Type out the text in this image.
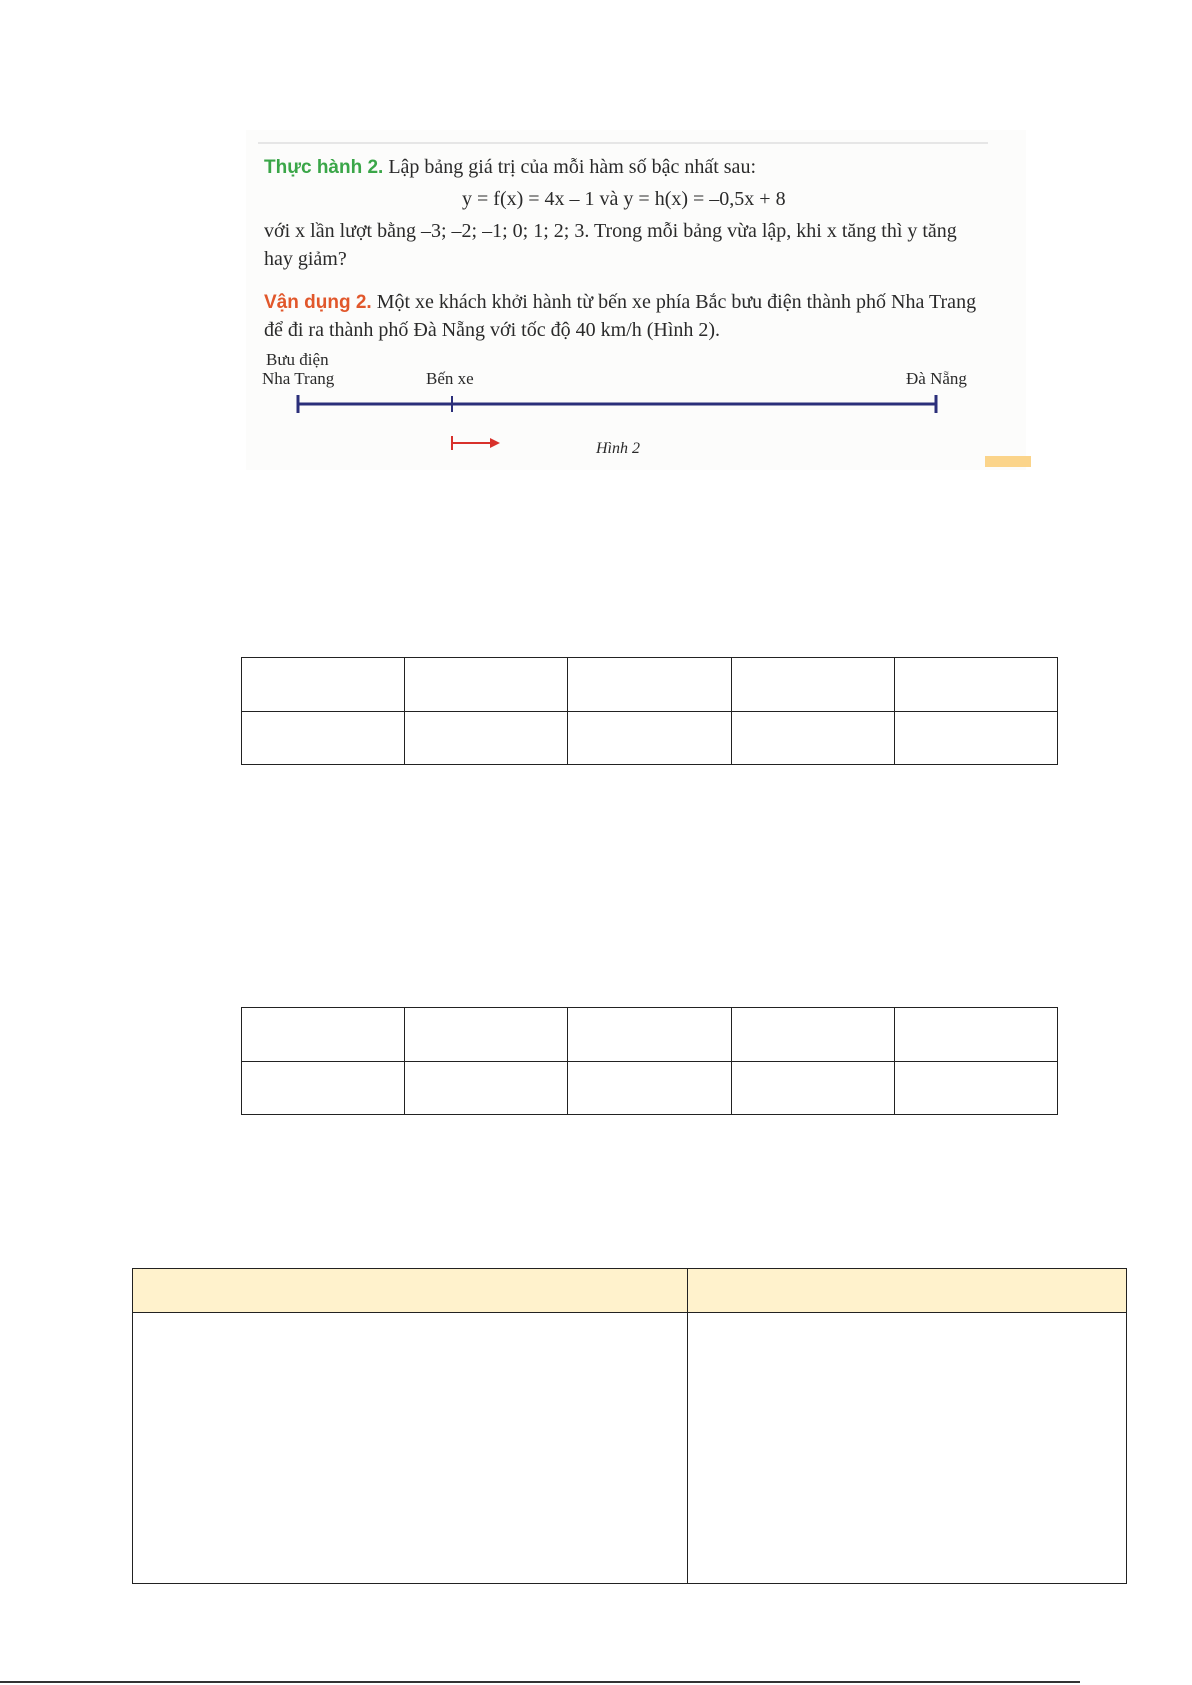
Thực hành 2. Lập bảng giá trị của mỗi hàm số bậc nhất sau:
y = f(x) = 4x – 1 và y = h(x) = –0,5x + 8
với x lần lượt bằng –3; –2; –1; 0; 1; 2; 3. Trong mỗi bảng vừa lập, khi x tăng thì y tăng
hay giảm?
Vận dụng 2. Một xe khách khởi hành từ bến xe phía Bắc bưu điện thành phố Nha Trang
để đi ra thành phố Đà Nẵng với tốc độ 40 km/h (Hình 2).
Bưu điện
Nha Trang	Bến xe	Đà Nẵng
Hình 2
